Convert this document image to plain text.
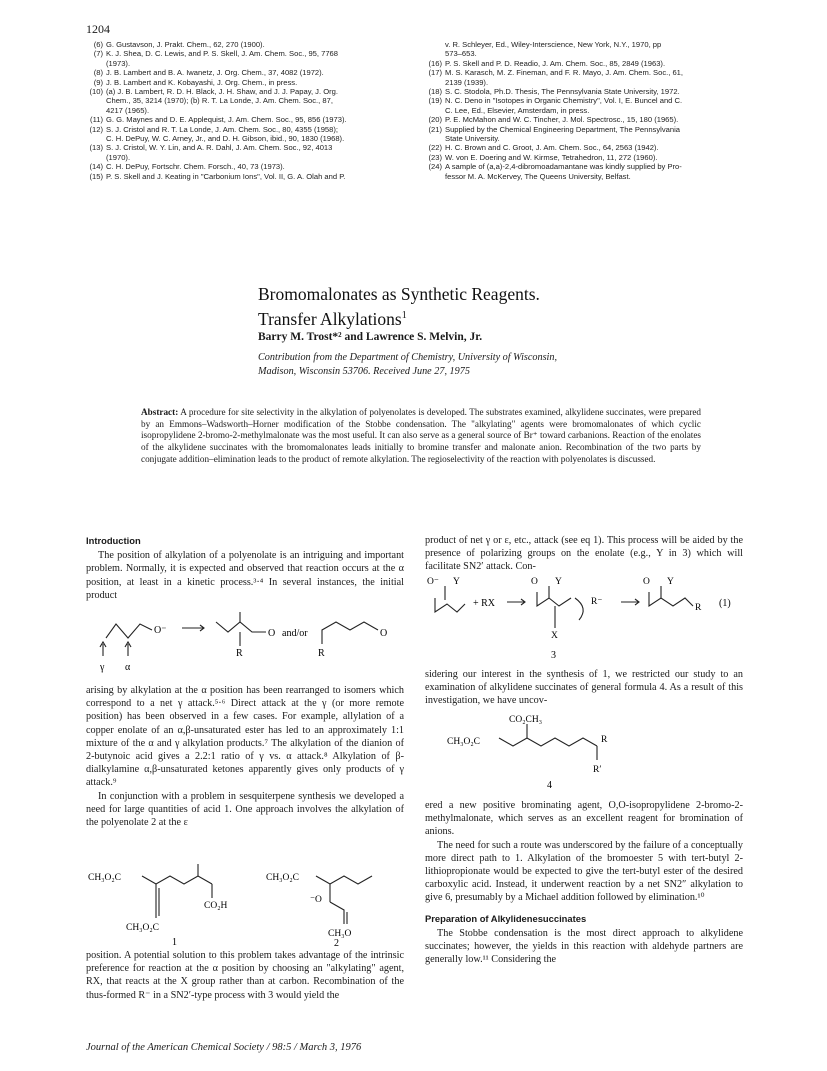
1204
(6) G. Gustavson, J. Prakt. Chem., 62, 270 (1900).
(7) K. J. Shea, D. C. Lewis, and P. S. Skell, J. Am. Chem. Soc., 95, 7768
(1973).
(8) J. B. Lambert and B. A. Iwanetz, J. Org. Chem., 37, 4082 (1972).
(9) J. B. Lambert and K. Kobayashi, J. Org. Chem., in press.
(10) (a) J. B. Lambert, R. D. H. Black, J. H. Shaw, and J. J. Papay, J. Org.
Chem., 35, 3214 (1970); (b) R. T. La Londe, J. Am. Chem. Soc., 87,
4217 (1965).
(11) G. G. Maynes and D. E. Applequist, J. Am. Chem. Soc., 95, 856 (1973).
(12) S. J. Cristol and R. T. La Londe, J. Am. Chem. Soc., 80, 4355 (1958);
C. H. DePuy, W. C. Arney, Jr., and D. H. Gibson, ibid., 90, 1830 (1968).
(13) S. J. Cristol, W. Y. Lin, and A. R. Dahl, J. Am. Chem. Soc., 92, 4013
(1970).
(14) C. H. DePuy, Fortschr. Chem. Forsch., 40, 73 (1973).
(15) P. S. Skell and J. Keating in "Carbonium Ions", Vol. II, G. A. Olah and P.
v. R. Schleyer, Ed., Wiley-Interscience, New York, N.Y., 1970, pp
573–653.
(16) P. S. Skell and P. D. Readio, J. Am. Chem. Soc., 85, 2849 (1963).
(17) M. S. Karasch, M. Z. Fineman, and F. R. Mayo, J. Am. Chem. Soc., 61,
2139 (1939).
(18) S. C. Stodola, Ph.D. Thesis, The Pennsylvania State University, 1972.
(19) N. C. Deno in "Isotopes in Organic Chemistry", Vol. I, E. Buncel and C.
C. Lee, Ed., Elsevier, Amsterdam, in press.
(20) P. E. McMahon and W. C. Tincher, J. Mol. Spectrosc., 15, 180 (1965).
(21) Supplied by the Chemical Engineering Department, The Pennsylvania
State University.
(22) H. C. Brown and C. Groot, J. Am. Chem. Soc., 64, 2563 (1942).
(23) W. von E. Doering and W. Kirmse, Tetrahedron, 11, 272 (1960).
(24) A sample of (a,a)-2,4-dibromoadamantane was kindly supplied by Pro-
fessor M. A. McKervey, The Queens University, Belfast.
Bromomalonates as Synthetic Reagents.
Transfer Alkylations$^1$
Barry M. Trost*² and Lawrence S. Melvin, Jr.
Contribution from the Department of Chemistry, University of Wisconsin,
Madison, Wisconsin 53706. Received June 27, 1975
Abstract: A procedure for site selectivity in the alkylation of polyenolates is developed. The substrates examined, alkylidene succinates, were prepared by an Emmons–Wadsworth–Horner modification of the Stobbe condensation. The "alkylating" agents were bromomalonates of which cyclic isopropylidene 2-bromo-2-methylmalonate was the most useful. It can also serve as a general source of Br⁺ toward carbanions. Reaction of the enolates of the alkylidene succinates with the bromomalonates leads initially to bromine transfer and malonate anion. Recombination of the two parts by conjugate addition–elimination leads to the product of remote alkylation. The regioselectivity of the reaction with polyenolates is discussed.
Introduction

The position of alkylation of a polyenolate is an intriguing and important problem. Normally, it is expected and observed that reaction occurs at the α position, at least in a kinetic process.³·⁴ In several instances, the initial product

O⁻	O and/or
R
O
R
γ α

arising by alkylation at the α position has been rearranged to isomers which correspond to a net γ attack.⁵·⁶ Direct attack at the γ (or more remote position) has been observed in a few cases. For example, allylation of a copper enolate of an α,β-unsaturated ester has led to an approximately 1:1 mixture of the α and γ alkylation products.⁷ The alkylation of the dianion of 2-butynoic acid gives a 2.2:1 ratio of γ vs. α attack.⁸ Alkylation of β-dialkylamine α,β-unsaturated ketones apparently gives only products of γ attack.⁹

In conjunction with a problem in sesquiterpene synthesis we developed a need for large quantities of acid 1. One approach involves the alkylation of the polyenolate 2 at the ε

CH₃O₂C
CO₂H
CH₃O₂C
1
CH₃O₂C
⁻O
CH₃O
2

position. A potential solution to this problem takes advantage of the intrinsic preference for reaction at the α position by choosing an "alkylating" agent, RX, that reacts at the X group rather than at carbon. Recombination of the thus-formed R⁻ in a SN2′-type process with 3 would yield the

product of net γ or ε, etc., attack (see eq 1). This process will be aided by the presence of polarizing groups on the enolate (e.g., Y in 3) which will facilitate SN2′ attack. Con-

O⁻ Y
+ RX
O Y
R⁻
X
O Y
R (1)
3

sidering our interest in the synthesis of 1, we restricted our study to an examination of alkylidene succinates of general formula 4. As a result of this investigation, we have uncov-

CO₂CH₃
CH₃O₂C	R
R′
4

ered a new positive brominating agent, O,O-isopropylidene 2-bromo-2-methylmalonate, which serves as an excellent reagent for bromination of anions.

The need for such a route was underscored by the failure of a conceptually more direct path to 1. Alkylation of the bromoester 5 with tert-butyl 2-lithiopropionate would be expected to give the tert-butyl ester of the desired carboxylic acid. Instead, it underwent reaction by a net SN2″ alkylation to give 6, presumably by a Michael addition followed by elimination.¹⁰

Preparation of Alkylidenesuccinates

The Stobbe condensation is the most direct approach to alkylidene succinates; however, the yields in this reaction with aldehyde partners are generally low.¹¹ Considering the

Journal of the American Chemical Society / 98:5 / March 3, 1976
